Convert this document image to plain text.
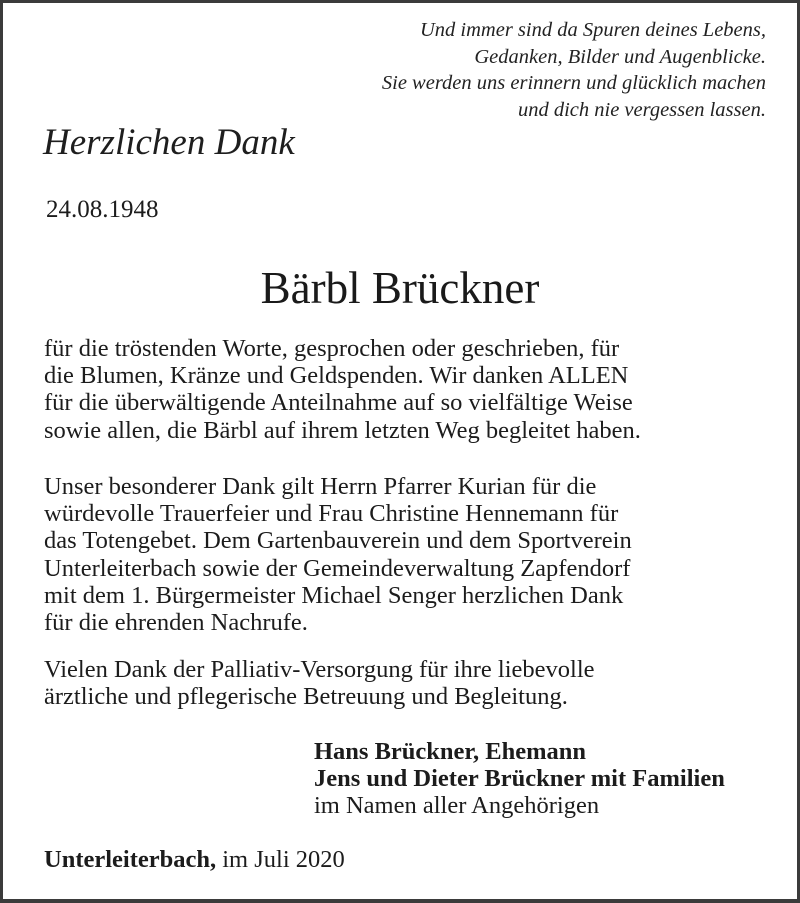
Und immer sind da Spuren deines Lebens,
Gedanken, Bilder und Augenblicke.
Sie werden uns erinnern und glücklich machen
und dich nie vergessen lassen.
Herzlichen Dank
24.08.1948
Bärbl Brückner
für die tröstenden Worte, gesprochen oder geschrieben, für
die Blumen, Kränze und Geldspenden. Wir danken ALLEN
für die überwältigende Anteilnahme auf so vielfältige Weise
sowie allen, die Bärbl auf ihrem letzten Weg begleitet haben.
Unser besonderer Dank gilt Herrn Pfarrer Kurian für die
würdevolle Trauerfeier und Frau Christine Hennemann für
das Totengebet. Dem Gartenbauverein und dem Sportverein
Unterleiterbach sowie der Gemeindeverwaltung Zapfendorf
mit dem 1. Bürgermeister Michael Senger herzlichen Dank
für die ehrenden Nachrufe.
Vielen Dank der Palliativ-Versorgung für ihre liebevolle
ärztliche und pflegerische Betreuung und Begleitung.
Hans Brückner, Ehemann
Jens und Dieter Brückner mit Familien
im Namen aller Angehörigen
Unterleiterbach, im Juli 2020
